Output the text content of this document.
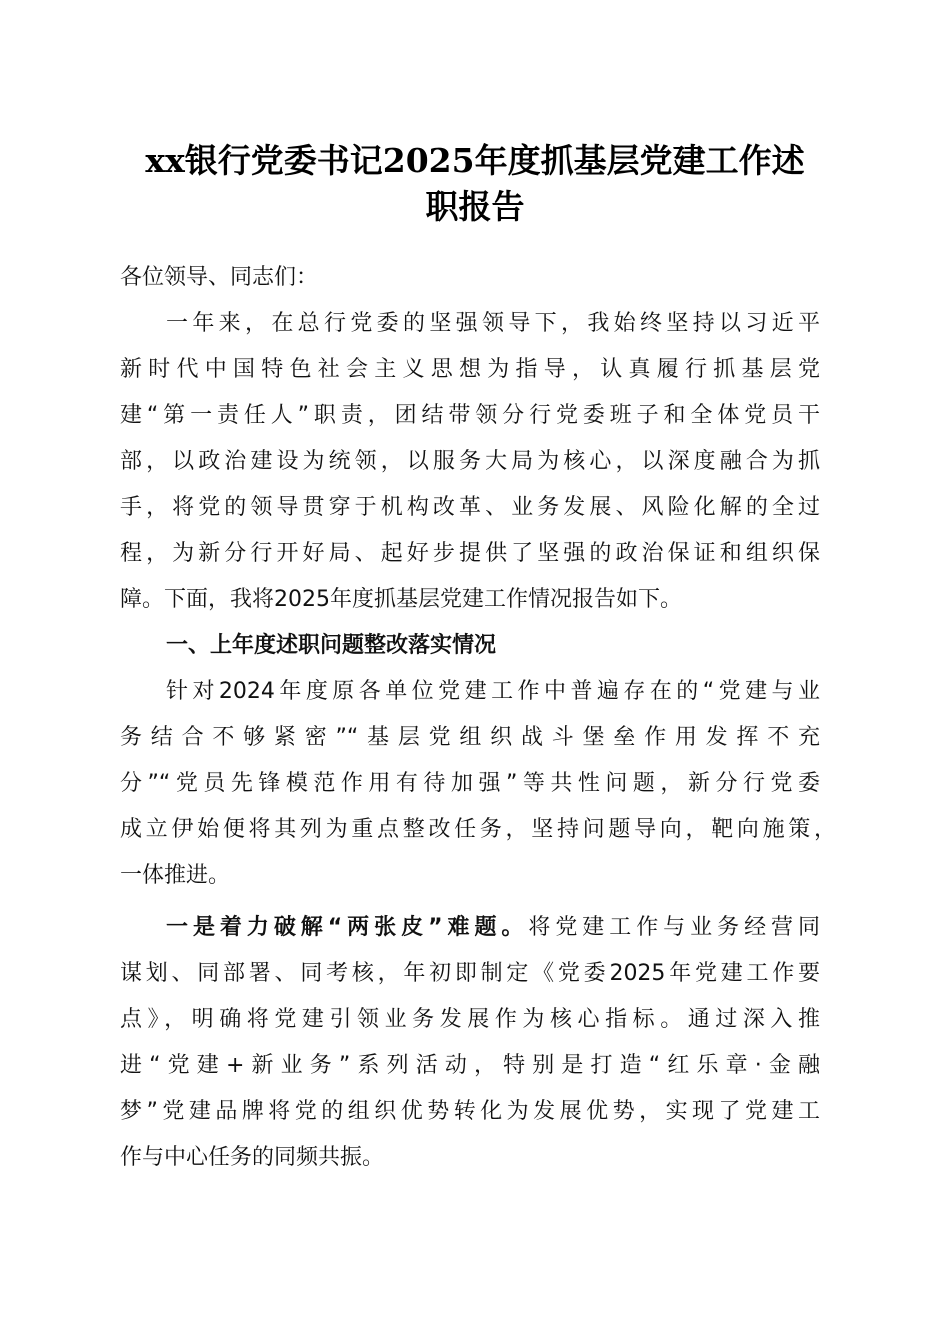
xx银行党委书记2025年度抓基层党建工作述
职报告
各位领导、同志们：
一年来，在总行党委的坚强领导下，我始终坚持以习近平
新时代中国特色社会主义思想为指导，认真履行抓基层党
建“第一责任人”职责，团结带领分行党委班子和全体党员干
部，以政治建设为统领，以服务大局为核心，以深度融合为抓
手，将党的领导贯穿于机构改革、业务发展、风险化解的全过
程，为新分行开好局、起好步提供了坚强的政治保证和组织保
障。下面，我将2025年度抓基层党建工作情况报告如下。
一、上年度述职问题整改落实情况
针对2024年度原各单位党建工作中普遍存在的“党建与业
务结合不够紧密”“基层党组织战斗堡垒作用发挥不充
分”“党员先锋模范作用有待加强”等共性问题，新分行党委
成立伊始便将其列为重点整改任务，坚持问题导向，靶向施策，
一体推进。
一是着力破解“两张皮”难题。将党建工作与业务经营同
谋划、同部署、同考核，年初即制定《党委2025年党建工作要
点》，明确将党建引领业务发展作为核心指标。通过深入推
进“党建+新业务”系列活动，特别是打造“红乐章·金融
梦”党建品牌将党的组织优势转化为发展优势，实现了党建工
作与中心任务的同频共振。
